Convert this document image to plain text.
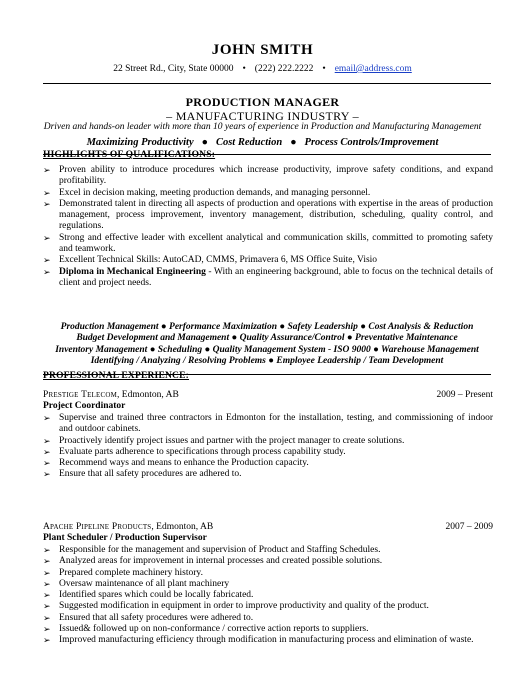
JOHN SMITH
22 Street Rd., City, State 00000 • (222) 222.2222 • email@address.com
PRODUCTION MANAGER
– MANUFACTURING INDUSTRY –
Driven and hands-on leader with more than 10 years of experience in Production and Manufacturing Management
Maximizing Productivity ● Cost Reduction ● Process Controls/Improvement
HIGHLIGHTS OF QUALIFICATIONS:
➢ Proven ability to introduce procedures which increase productivity, improve safety conditions, and expand profitability.
➢ Excel in decision making, meeting production demands, and managing personnel.
➢ Demonstrated talent in directing all aspects of production and operations with expertise in the areas of production management, process improvement, inventory management, distribution, scheduling, quality control, and regulations.
➢ Strong and effective leader with excellent analytical and communication skills, committed to promoting safety and teamwork.
➢ Excellent Technical Skills: AutoCAD, CMMS, Primavera 6, MS Office Suite, Visio
➢ Diploma in Mechanical Engineering - With an engineering background, able to focus on the technical details of client and project needs.
Production Management ● Performance Maximization ● Safety Leadership ● Cost Analysis & Reduction
Budget Development and Management ● Quality Assurance/Control ● Preventative Maintenance
Inventory Management ● Scheduling ● Quality Management System - ISO 9000 ● Warehouse Management
Identifying / Analyzing / Resolving Problems ● Employee Leadership / Team Development
PROFESSIONAL EXPERIENCE:
Prestige Telecom, Edmonton, AB	2009 – Present
Project Coordinator
➢ Supervise and trained three contractors in Edmonton for the installation, testing, and commissioning of indoor and outdoor cabinets.
➢ Proactively identify project issues and partner with the project manager to create solutions.
➢ Evaluate parts adherence to specifications through process capability study.
➢ Recommend ways and means to enhance the Production capacity.
➢ Ensure that all safety procedures are adhered to.
Apache Pipeline Products, Edmonton, AB	2007 – 2009
Plant Scheduler / Production Supervisor
➢ Responsible for the management and supervision of Product and Staffing Schedules.
➢ Analyzed areas for improvement in internal processes and created possible solutions.
➢ Prepared complete machinery history.
➢ Oversaw maintenance of all plant machinery
➢ Identified spares which could be locally fabricated.
➢ Suggested modification in equipment in order to improve productivity and quality of the product.
➢ Ensured that all safety procedures were adhered to.
➢ Issued& followed up on non-conformance / corrective action reports to suppliers.
➢ Improved manufacturing efficiency through modification in manufacturing process and elimination of waste.
